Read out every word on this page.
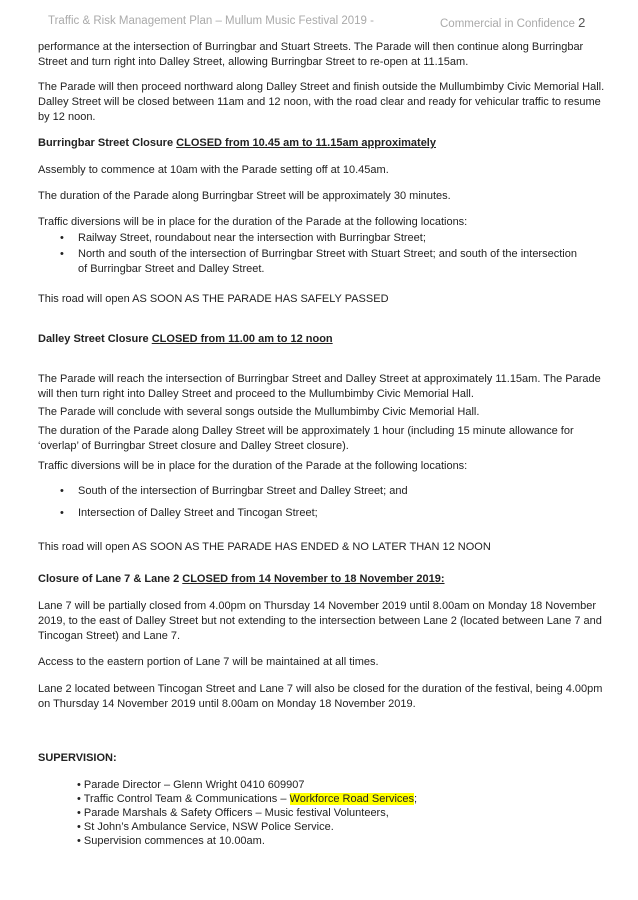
Traffic & Risk Management Plan – Mullum Music Festival 2019 -	Commercial in Confidence 2

performance at the intersection of Burringbar and Stuart Streets. The Parade will then continue along Burringbar Street and turn right into Dalley Street, allowing Burringbar Street to re-open at 11.15am.

The Parade will then proceed northward along Dalley Street and finish outside the Mullumbimby Civic Memorial Hall. Dalley Street will be closed between 11am and 12 noon, with the road clear and ready for vehicular traffic to resume by 12 noon.

Burringbar Street Closure CLOSED from 10.45 am to 11.15am approximately

Assembly to commence at 10am with the Parade setting off at 10.45am.

The duration of the Parade along Burringbar Street will be approximately 30 minutes.

Traffic diversions will be in place for the duration of the Parade at the following locations:

• Railway Street, roundabout near the intersection with Burringbar Street;
• North and south of the intersection of Burringbar Street with Stuart Street; and south of the intersection of Burringbar Street and Dalley Street.

This road will open AS SOON AS THE PARADE HAS SAFELY PASSED

Dalley Street Closure CLOSED from 11.00 am to 12 noon

The Parade will reach the intersection of Burringbar Street and Dalley Street at approximately 11.15am. The Parade will then turn right into Dalley Street and proceed to the Mullumbimby Civic Memorial Hall.

The Parade will conclude with several songs outside the Mullumbimby Civic Memorial Hall.

The duration of the Parade along Dalley Street will be approximately 1 hour (including 15 minute allowance for ‘overlap’ of Burringbar Street closure and Dalley Street closure).

Traffic diversions will be in place for the duration of the Parade at the following locations:

• South of the intersection of Burringbar Street and Dalley Street; and
• Intersection of Dalley Street and Tincogan Street;

This road will open AS SOON AS THE PARADE HAS ENDED & NO LATER THAN 12 NOON

Closure of Lane 7 & Lane 2 CLOSED from 14 November to 18 November 2019:

Lane 7 will be partially closed from 4.00pm on Thursday 14 November 2019 until 8.00am on Monday 18 November 2019, to the east of Dalley Street but not extending to the intersection between Lane 2 (located between Lane 7 and Tincogan Street) and Lane 7.

Access to the eastern portion of Lane 7 will be maintained at all times.

Lane 2 located between Tincogan Street and Lane 7 will also be closed for the duration of the festival, being 4.00pm on Thursday 14 November 2019 until 8.00am on Monday 18 November 2019.

SUPERVISION:
• Parade Director – Glenn Wright 0410 609907
• Traffic Control Team & Communications – Workforce Road Services;
• Parade Marshals & Safety Officers – Music festival Volunteers,
• St John’s Ambulance Service, NSW Police Service.
• Supervision commences at 10.00am.
